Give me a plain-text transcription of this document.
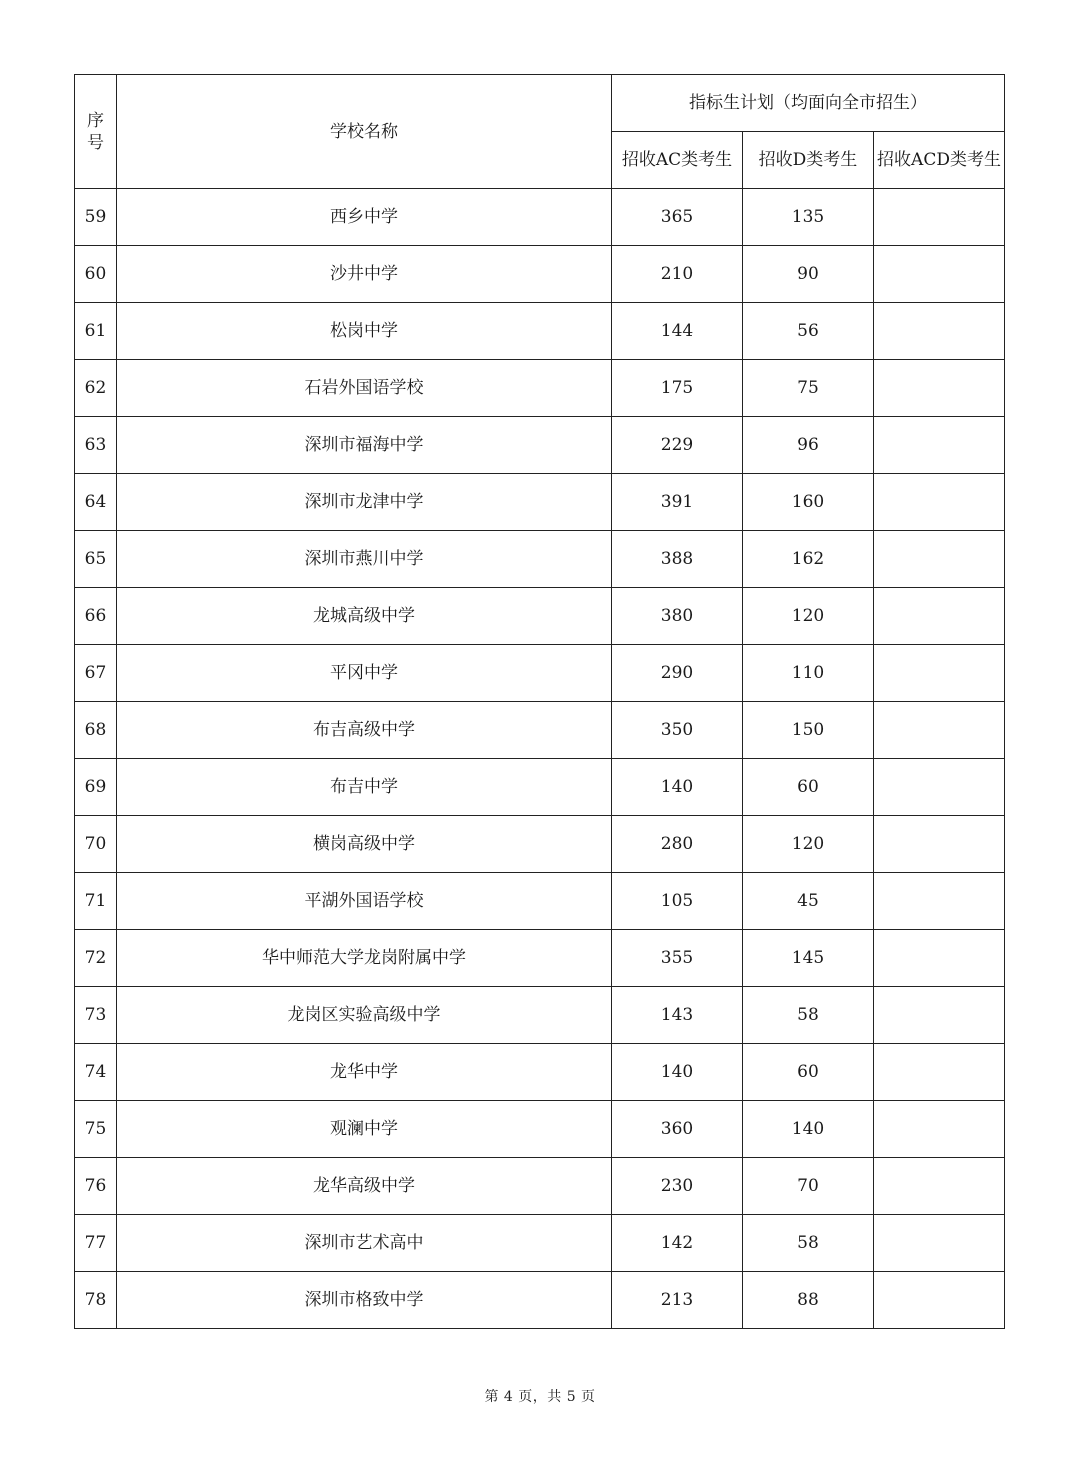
序
号	学校名称	指标生计划（均面向全市招生）		
		招收AC类考生	招收D类考生	招收ACD类考生
59	西乡中学	365	135	
60	沙井中学	210	90	
61	松岗中学	144	56	
62	石岩外国语学校	175	75	
63	深圳市福海中学	229	96	
64	深圳市龙津中学	391	160	
65	深圳市燕川中学	388	162	
66	龙城高级中学	380	120	
67	平冈中学	290	110	
68	布吉高级中学	350	150	
69	布吉中学	140	60	
70	横岗高级中学	280	120	
71	平湖外国语学校	105	45	
72	华中师范大学龙岗附属中学	355	145	
73	龙岗区实验高级中学	143	58	
74	龙华中学	140	60	
75	观澜中学	360	140	
76	龙华高级中学	230	70	
77	深圳市艺术高中	142	58	
78	深圳市格致中学	213	88	
第 4 页，共 5 页
